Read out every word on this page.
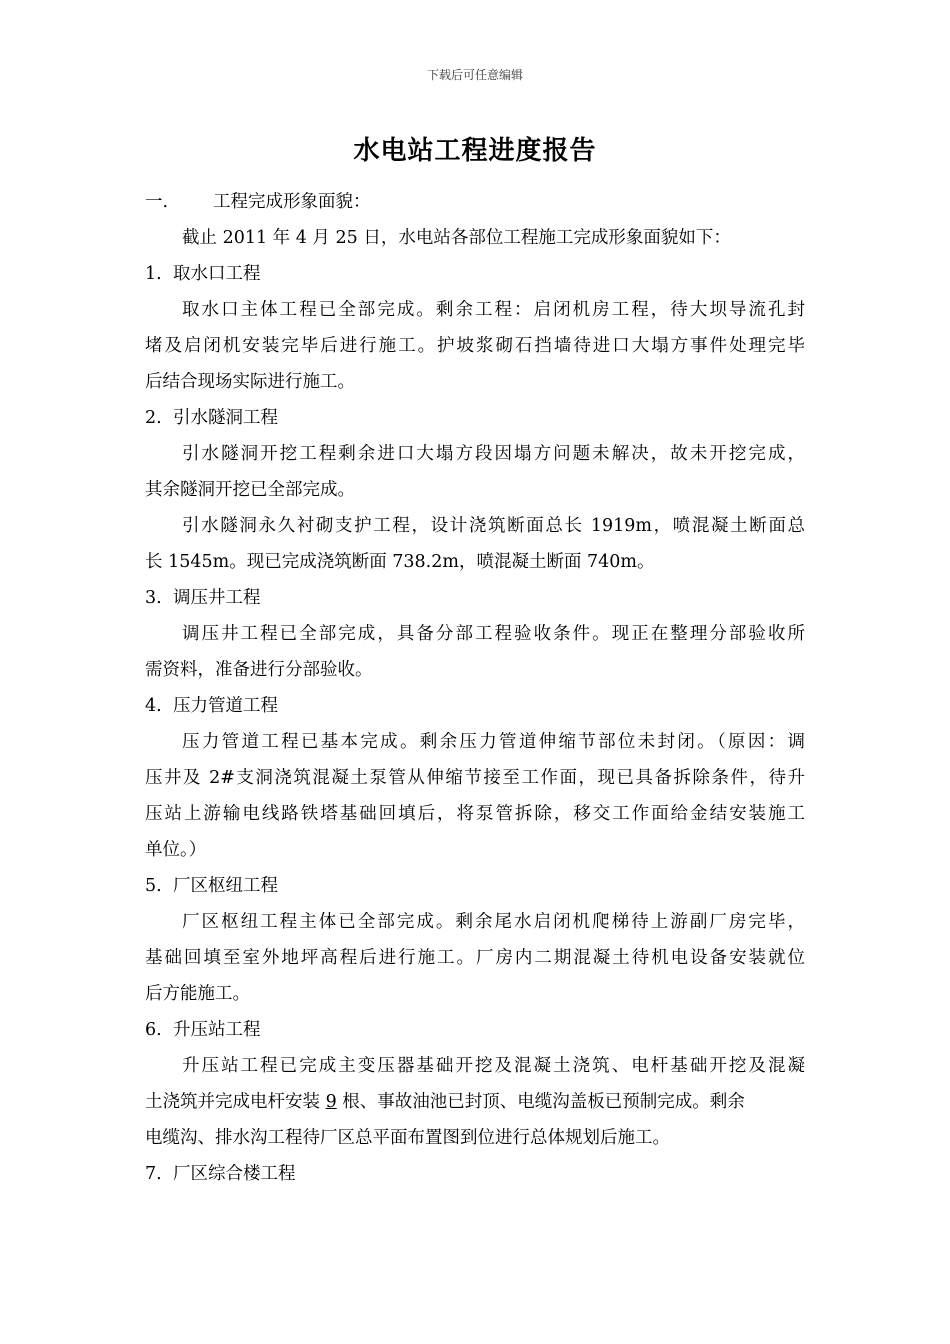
下载后可任意编辑
水电站工程进度报告
一.	工程完成形象面貌：
截止 2011 年 4 月 25 日，水电站各部位工程施工完成形象面貌如下：
1. 取水口工程
取水口主体工程已全部完成。剩余工程：启闭机房工程，待大坝导流孔封
堵及启闭机安装完毕后进行施工。护坡浆砌石挡墙待进口大塌方事件处理完毕
后结合现场实际进行施工。
2. 引水隧洞工程
引水隧洞开挖工程剩余进口大塌方段因塌方问题未解决，故未开挖完成，
其余隧洞开挖已全部完成。
引水隧洞永久衬砌支护工程，设计浇筑断面总长 1919m，喷混凝土断面总
长 1545m。现已完成浇筑断面 738.2m，喷混凝土断面 740m。
3. 调压井工程
调压井工程已全部完成，具备分部工程验收条件。现正在整理分部验收所
需资料，准备进行分部验收。
4. 压力管道工程
压力管道工程已基本完成。剩余压力管道伸缩节部位未封闭。（原因：调
压井及 2#支洞浇筑混凝土泵管从伸缩节接至工作面，现已具备拆除条件，待升
压站上游输电线路铁塔基础回填后，将泵管拆除，移交工作面给金结安装施工
单位。）
5. 厂区枢纽工程
厂区枢纽工程主体已全部完成。剩余尾水启闭机爬梯待上游副厂房完毕，
基础回填至室外地坪高程后进行施工。厂房内二期混凝土待机电设备安装就位
后方能施工。
6. 升压站工程
升压站工程已完成主变压器基础开挖及混凝土浇筑、电杆基础开挖及混凝
土浇筑并完成电杆安装 9 根、事故油池已封顶、电缆沟盖板已预制完成。剩余
电缆沟、排水沟工程待厂区总平面布置图到位进行总体规划后施工。
7. 厂区综合楼工程
